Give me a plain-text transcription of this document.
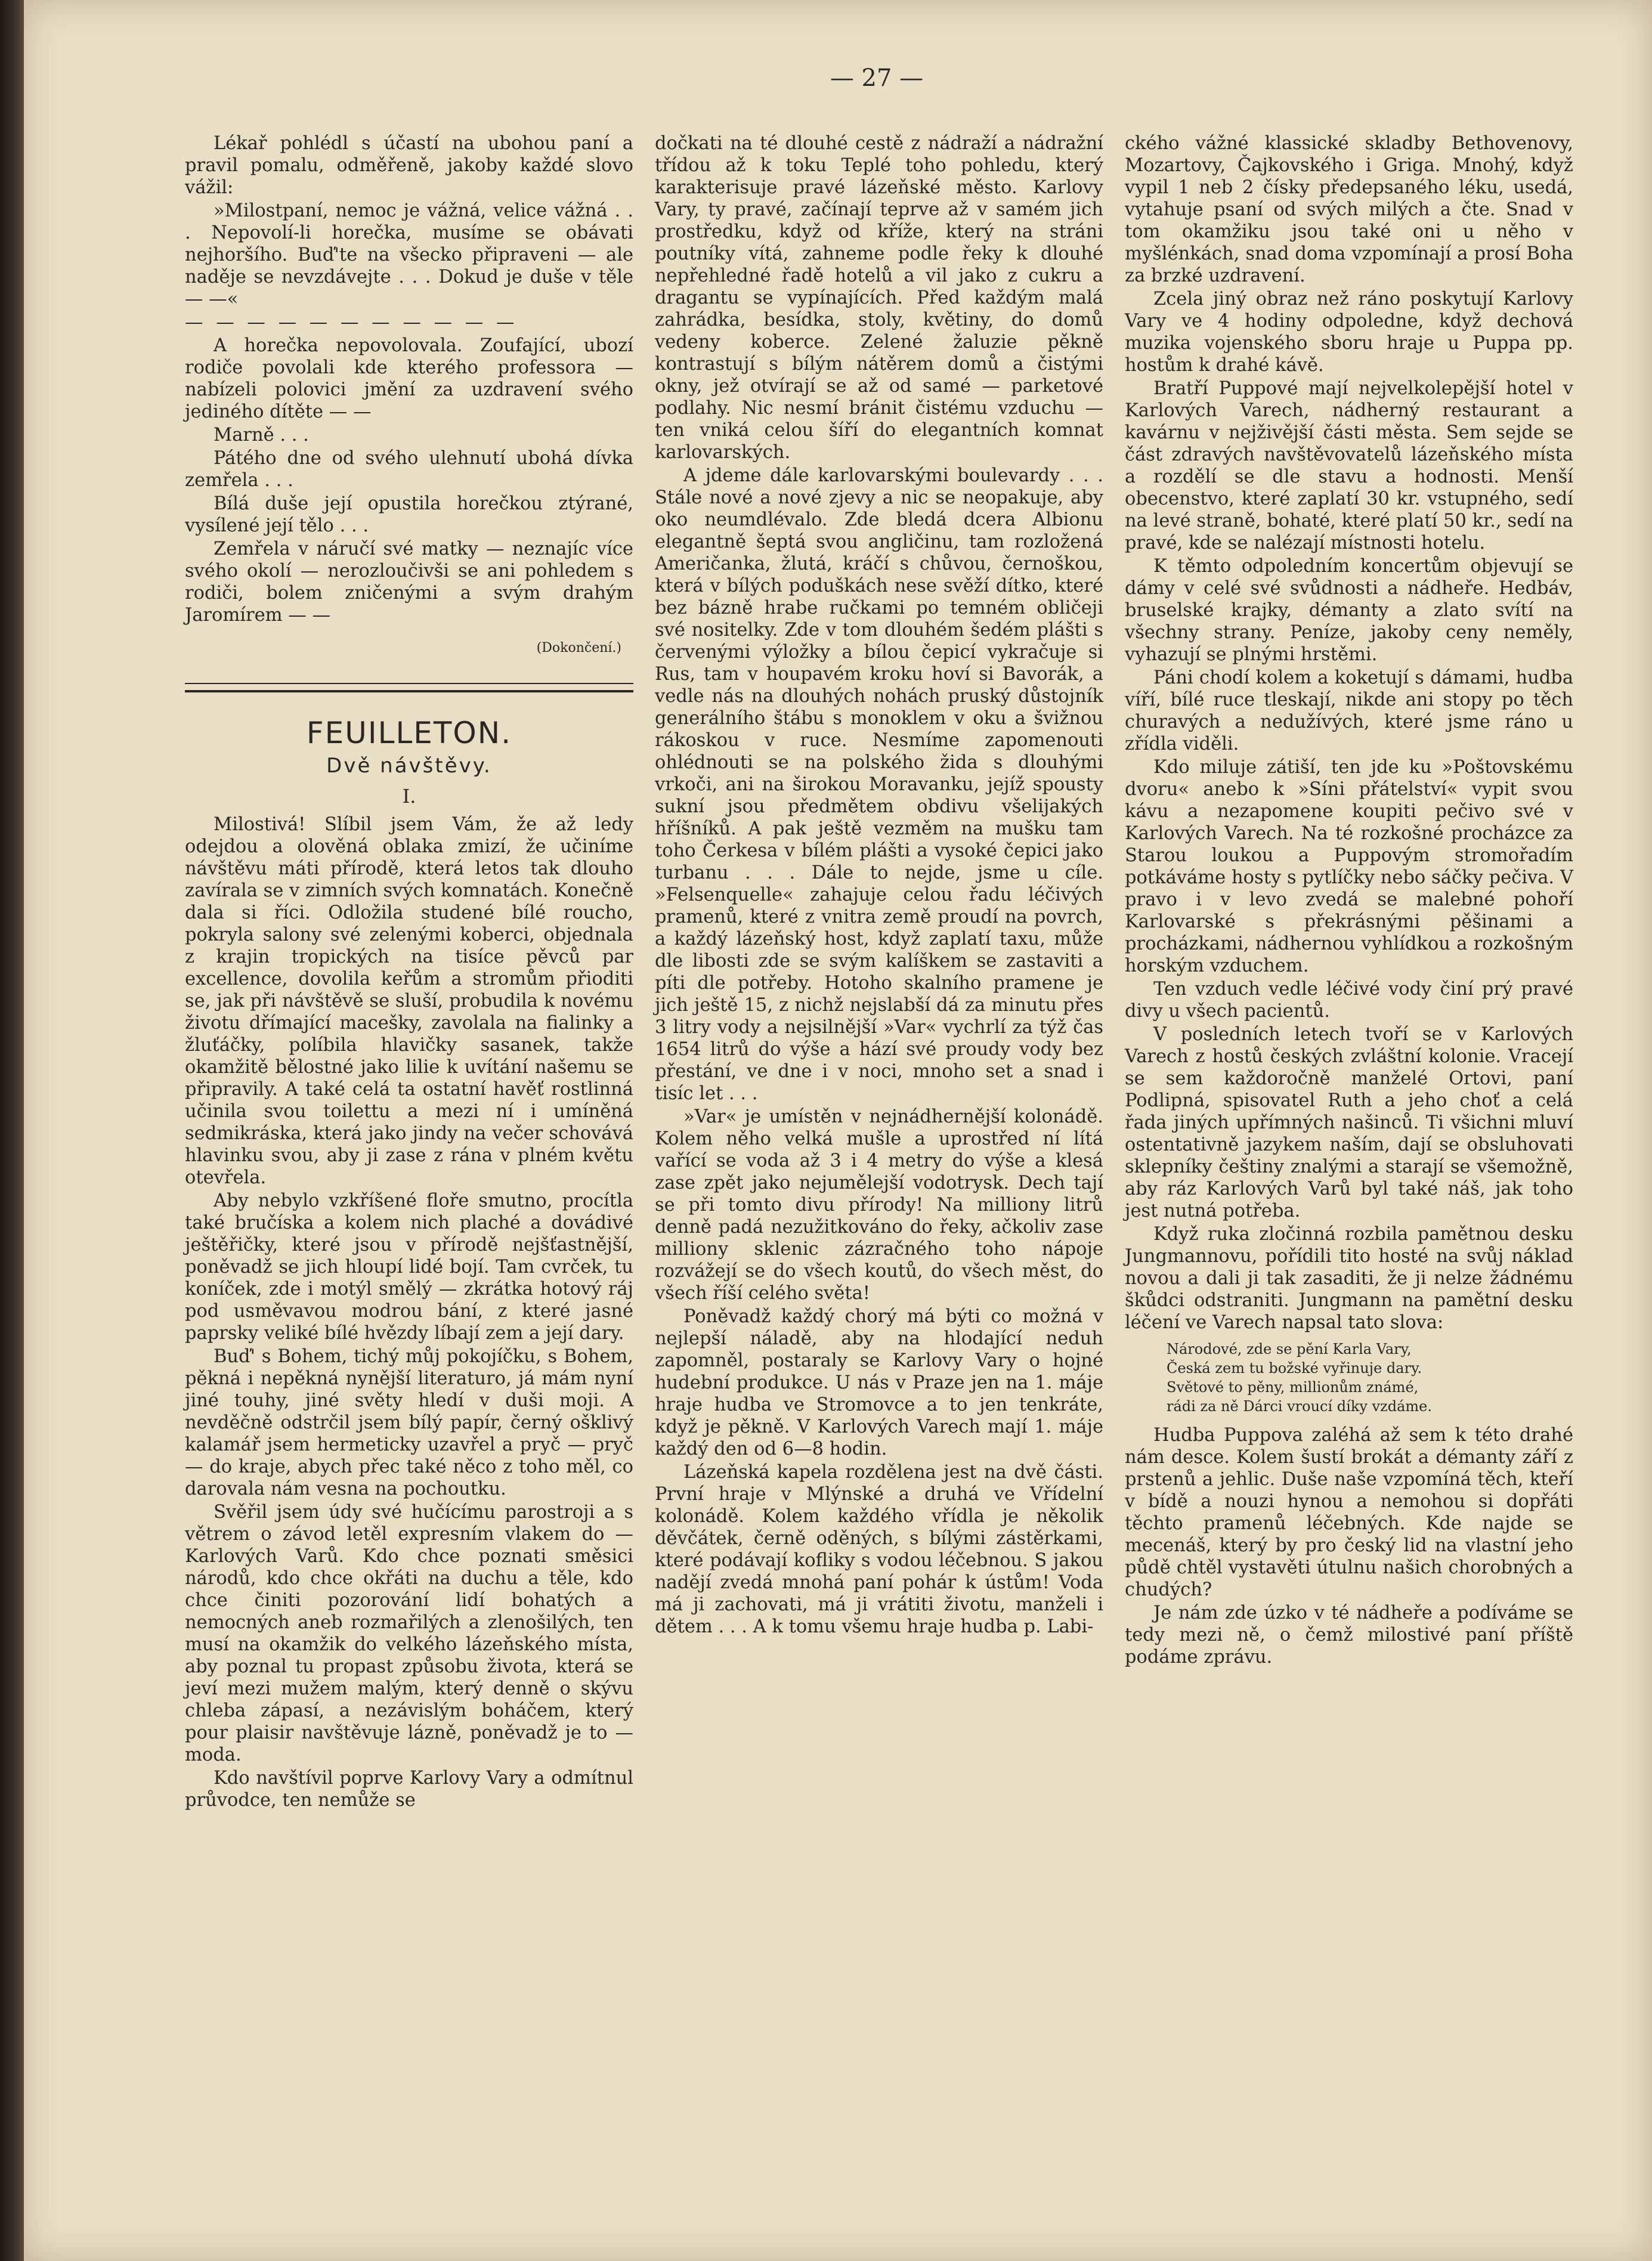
— 27 —

Lékař pohlédl s účastí na ubohou paní a pravil pomalu, odměřeně, jakoby každé slovo vážil:

»Milostpaní, nemoc je vážná, velice vážná . . . Nepovolí-li horečka, musíme se obávati nejhoršího. Buď'te na všecko připraveni — ale naděje se nevzdávejte . . . Dokud je duše v těle — —«

— — — — — — — — — — —

A horečka nepovolovala. Zoufající, ubozí rodiče povolali kde kterého professora — nabízeli polovici jmění za uzdravení svého jediného dítěte — —

Marně . . .

Pátého dne od svého ulehnutí ubohá dívka zemřela . . .

Bílá duše její opustila horečkou ztýrané, vysílené její tělo . . .

Zemřela v náručí své matky — neznajíc více svého okolí — nerozloučivši se ani pohledem s rodiči, bolem zničenými a svým drahým Jaromírem — —

(Dokončení.)
FEUILLETON.
Dvě návštěvy.
I.

Milostivá! Slíbil jsem Vám, že až ledy odejdou a olověná oblaka zmizí, že učiníme návštěvu máti přírodě, která letos tak dlouho zavírala se v zimních svých komnatách. Konečně dala si říci. Odložila studené bílé roucho, pokryla salony své zelenými koberci, objednala z krajin tropických na tisíce pěvců par excellence, dovolila keřům a stromům přioditi se, jak při návštěvě se sluší, probudila k novému životu dřímající macešky, zavolala na fialinky a žluťáčky, políbila hlavičky sasanek, takže okamžitě bělostné jako lilie k uvítání našemu se připravily. A také celá ta ostatní havěť rostlinná učinila svou toilettu a mezi ní i umíněná sedmikráska, která jako jindy na večer schovává hlavinku svou, aby ji zase z rána v plném květu otevřela.

Aby nebylo vzkříšené floře smutno, procítla také bručíska a kolem nich plaché a dovádivé ještěřičky, které jsou v přírodě nejšťastnější, poněvadž se jich hloupí lidé bojí. Tam cvrček, tu koníček, zde i motýl smělý — zkrátka hotový ráj pod usměvavou modrou bání, z které jasné paprsky veliké bílé hvězdy líbají zem a její dary.

Buď' s Bohem, tichý můj pokojíčku, s Bohem, pěkná i nepěkná nynější literaturo, já mám nyní jiné touhy, jiné světy hledí v duši moji. A nevděčně odstrčil jsem bílý papír, černý ošklivý kalamář jsem hermeticky uzavřel a pryč — pryč — do kraje, abych přec také něco z toho měl, co darovala nám vesna na pochoutku.

Svěřil jsem údy své hučícímu parostroji a s větrem o závod letěl expresním vlakem do — Karlových Varů. Kdo chce poznati směsici národů, kdo chce okřáti na duchu a těle, kdo chce činiti pozorování lidí bohatých a nemocných aneb rozmařilých a zlenošilých, ten musí na okamžik do velkého lázeňského místa, aby poznal tu propast způsobu života, která se jeví mezi mužem malým, který denně o skývu chleba zápasí, a nezávislým boháčem, který pour plaisir navštěvuje lázně, poněvadž je to — moda.

Kdo navštívil poprve Karlovy Vary a odmítnul průvodce, ten nemůže se

dočkati na té dlouhé cestě z nádraží a nádražní třídou až k toku Teplé toho pohledu, který karakterisuje pravé lázeňské město. Karlovy Vary, ty pravé, začínají teprve až v samém jich prostředku, když od kříže, který na stráni poutníky vítá, zahneme podle řeky k dlouhé nepřehledné řadě hotelů a vil jako z cukru a dragantu se vypínajících. Před každým malá zahrádka, besídka, stoly, květiny, do domů vedeny koberce. Zelené žaluzie pěkně kontrastují s bílým nátěrem domů a čistými okny, jež otvírají se až od samé — parketové podlahy. Nic nesmí bránit čistému vzduchu — ten vniká celou šíří do elegantních komnat karlovarských.

A jdeme dále karlovarskými boulevardy . . . Stále nové a nové zjevy a nic se neopakuje, aby oko neumdlévalo. Zde bledá dcera Albionu elegantně šeptá svou angličinu, tam rozložená Američanka, žlutá, kráčí s chůvou, černoškou, která v bílých poduškách nese svěží dítko, které bez bázně hrabe ručkami po temném obličeji své nositelky. Zde v tom dlouhém šedém plášti s červenými výložky a bílou čepicí vykračuje si Rus, tam v houpavém kroku hoví si Bavorák, a vedle nás na dlouhých nohách pruský důstojník generálního štábu s monoklem v oku a švižnou rákoskou v ruce. Nesmíme zapomenouti ohlédnouti se na polského žida s dlouhými vrkoči, ani na širokou Moravanku, jejíž spousty sukní jsou předmětem obdivu všelijakých hříšníků. A pak ještě vezměm na mušku tam toho Čerkesa v bílém plášti a vysoké čepici jako turbanu . . . Dále to nejde, jsme u cíle. »Felsenquelle« zahajuje celou řadu léčivých pramenů, které z vnitra země proudí na povrch, a každý lázeňský host, když zaplatí taxu, může dle libosti zde se svým kalíškem se zastaviti a píti dle potřeby. Hotoho skalního pramene je jich ještě 15, z nichž nejslabší dá za minutu přes 3 litry vody a nejsilnější »Var« vychrlí za týž čas 1654 litrů do výše a hází své proudy vody bez přestání, ve dne i v noci, mnoho set a snad i tisíc let . . .

»Var« je umístěn v nejnádhernější kolonádě. Kolem něho velká mušle a uprostřed ní lítá vařící se voda až 3 i 4 metry do výše a klesá zase zpět jako nejumělejší vodotrysk. Dech tají se při tomto divu přírody! Na milliony litrů denně padá nezužitkováno do řeky, ačkoliv zase milliony sklenic zázračného toho nápoje rozvážejí se do všech koutů, do všech měst, do všech říší celého světa!

Poněvadž každý chorý má býti co možná v nejlepší náladě, aby na hlodající neduh zapomněl, postaraly se Karlovy Vary o hojné hudební produkce. U nás v Praze jen na 1. máje hraje hudba ve Stromovce a to jen tenkráte, když je pěkně. V Karlových Varech mají 1. máje každý den od 6—8 hodin.

Lázeňská kapela rozdělena jest na dvě části. První hraje v Mlýnské a druhá ve Vřídelní kolonádě. Kolem každého vřídla je několik děvčátek, černě oděných, s bílými zástěrkami, které podávají kofliky s vodou léčebnou. S jakou nadějí zvedá mnohá paní pohár k ústům! Voda má ji zachovati, má ji vrátiti životu, manželi i dětem . . . A k tomu všemu hraje hudba p. Labi-

ckého vážné klassické skladby Bethovenovy, Mozartovy, Čajkovského i Griga. Mnohý, když vypil 1 neb 2 čísky předepsaného léku, usedá, vytahuje psaní od svých milých a čte. Snad v tom okamžiku jsou také oni u něho v myšlénkách, snad doma vzpomínají a prosí Boha za brzké uzdravení.

Zcela jiný obraz než ráno poskytují Karlovy Vary ve 4 hodiny odpoledne, když dechová muzika vojenského sboru hraje u Puppa pp. hostům k drahé kávě.

Bratří Puppové mají nejvelkolepější hotel v Karlových Varech, nádherný restaurant a kavárnu v nejživější části města. Sem sejde se část zdravých navštěvovatelů lázeňského místa a rozdělí se dle stavu a hodnosti. Menší obecenstvo, které zaplatí 30 kr. vstupného, sedí na levé straně, bohaté, které platí 50 kr., sedí na pravé, kde se nalézají místnosti hotelu.

K těmto odpoledním koncertům objevují se dámy v celé své svůdnosti a nádheře. Hedbáv, bruselské krajky, démanty a zlato svítí na všechny strany. Peníze, jakoby ceny neměly, vyhazují se plnými hrstěmi.

Páni chodí kolem a koketují s dámami, hudba víří, bílé ruce tleskají, nikde ani stopy po těch churavých a nedužívých, které jsme ráno u zřídla viděli.

Kdo miluje zátiší, ten jde ku »Poštovskému dvoru« anebo k »Síni přátelství« vypit svou kávu a nezapomene koupiti pečivo své v Karlových Varech. Na té rozkošné procházce za Starou loukou a Puppovým stromořadím potkáváme hosty s pytlíčky nebo sáčky pečiva. V pravo i v levo zvedá se malebné pohoří Karlovarské s překrásnými pěšinami a procházkami, nádhernou vyhlídkou a rozkošným horským vzduchem.

Ten vzduch vedle léčivé vody činí prý pravé divy u všech pacientů.

V posledních letech tvoří se v Karlových Varech z hostů českých zvláštní kolonie. Vracejí se sem každoročně manželé Ortovi, paní Podlipná, spisovatel Ruth a jeho choť a celá řada jiných upřímných našinců. Ti všichni mluví ostentativně jazykem naším, dají se obsluhovati sklepníky češtiny znalými a starají se všemožně, aby ráz Karlových Varů byl také náš, jak toho jest nutná potřeba.

Když ruka zločinná rozbila pamětnou desku Jungmannovu, pořídili tito hosté na svůj náklad novou a dali ji tak zasaditi, že ji nelze žádnému škůdci odstraniti. Jungmann na pamětní desku léčení ve Varech napsal tato slova:

Národové, zde se pění Karla Vary,
Česká zem tu božské vyřinuje dary.
Světové to pěny, millionům známé,
rádi za ně Dárci vroucí díky vzdáme.

Hudba Puppova zaléhá až sem k této drahé nám desce. Kolem šustí brokát a démanty září z prstenů a jehlic. Duše naše vzpomíná těch, kteří v bídě a nouzi hynou a nemohou si dopřáti těchto pramenů léčebných. Kde najde se mecenáš, který by pro český lid na vlastní jeho půdě chtěl vystavěti útulnu našich chorobných a chudých?

Je nám zde úzko v té nádheře a podíváme se tedy mezi ně, o čemž milostivé paní příště podáme zprávu.
